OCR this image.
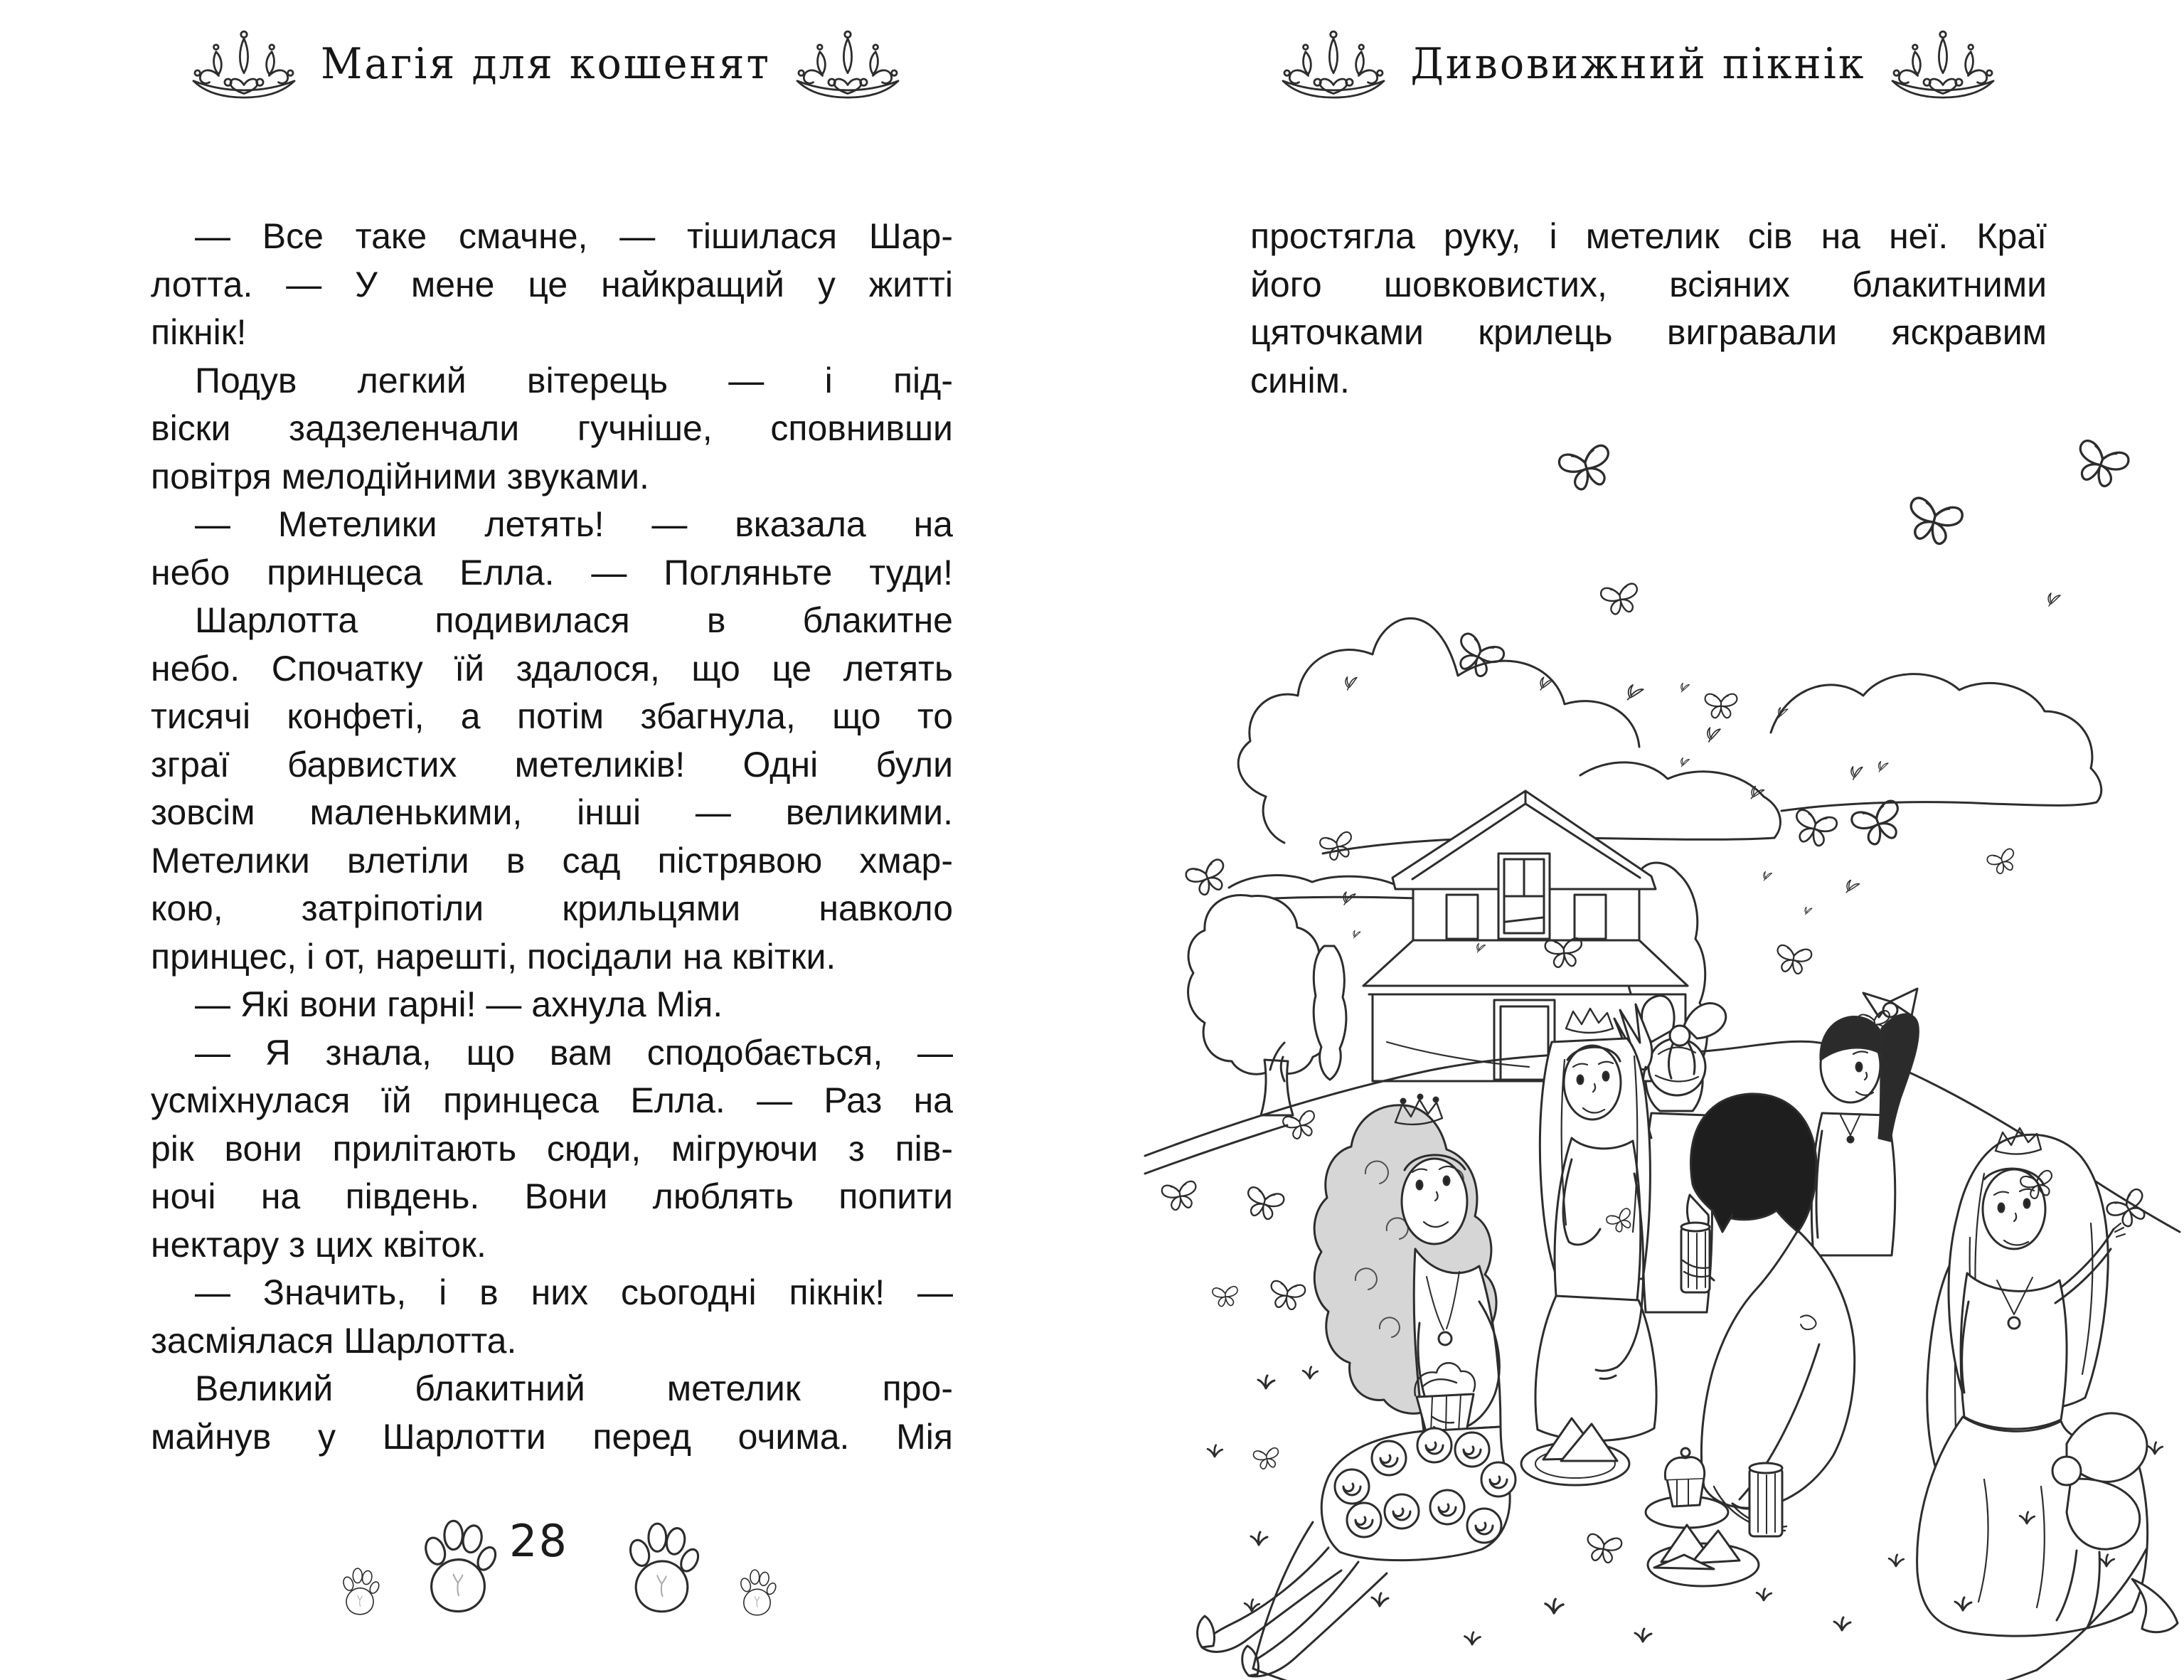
Магія для кошенят
— Все таке смачне, — тішилася Шар-
лотта. — У мене це найкращий у житті
пікнік!
Подув легкий вітерець — і під-
віски задзеленчали гучніше, сповнивши
повітря мелодійними звуками.
— Метелики летять! — вказала на
небо принцеса Елла. — Погляньте туди!
Шарлотта подивилася в блакитне
небо. Спочатку їй здалося, що це летять
тисячі конфеті, а потім збагнула, що то
зграї барвистих метеликів! Одні були
зовсім маленькими, інші — великими.
Метелики влетіли в сад пістрявою хмар-
кою, затріпотіли крильцями навколо
принцес, і от, нарешті, посідали на квітки.
— Які вони гарні! — ахнула Мія.
— Я знала, що вам сподобається, —
усміхнулася їй принцеса Елла. — Раз на
рік вони прилітають сюди, мігруючи з пів-
ночі на південь. Вони люблять попити
нектару з цих квіток.
— Значить, і в них сьогодні пікнік! —
засміялася Шарлотта.
Великий блакитний метелик про-
майнув у Шарлотти перед очима. Мія
28
Дивовижний пікнік
простягла руку, і метелик сів на неї. Краї
його шовковистих, всіяних блакитними
цяточками крилець вигравали яскравим
синім.
